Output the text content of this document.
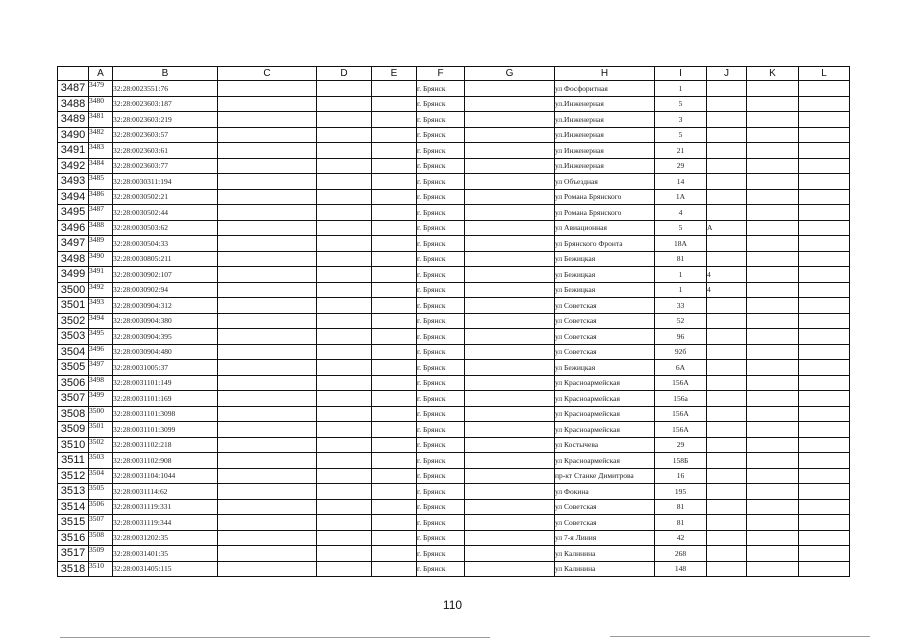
	A	B	C	D	E	F	G	H	I	J	K	L
3487	3479	32:28:0023551:76				г. Брянск		ул Фосфоритная	1			
3488	3480	32:28:0023603:187				г. Брянск		ул.Инженерная	5			
3489	3481	32:28:0023603:219				г. Брянск		ул.Инженерная	3			
3490	3482	32:28:0023603:57				г. Брянск		ул.Инженерная	5			
3491	3483	32:28:0023603:61				г. Брянск		ул Инженерная	21			
3492	3484	32:28:0023603:77				г. Брянск		ул.Инженерная	29			
3493	3485	32:28:0030311:194				г. Брянск		ул Объездная	14			
3494	3486	32:28:0030502:21				г. Брянск		ул Романа Брянского	1А			
3495	3487	32:28:0030502:44				г. Брянск		ул Романа Брянского	4			
3496	3488	32:28:0030503:62				г. Брянск		ул Авиационная	5	А		
3497	3489	32:28:0030504:33				г. Брянск		ул Брянского Фронта	18А			
3498	3490	32:28:0030805:211				г. Брянск		ул Бежицкая	81			
3499	3491	32:28:0030902:107				г. Брянск		ул Бежицкая	1	4		
3500	3492	32:28:0030902:94				г. Брянск		ул Бежицкая	1	4		
3501	3493	32:28:0030904:312				г. Брянск		ул Советская	33			
3502	3494	32:28:0030904:380				г. Брянск		ул Советская	52			
3503	3495	32:28:0030904:395				г. Брянск		ул Советская	96			
3504	3496	32:28:0030904:480				г. Брянск		ул Советская	92б			
3505	3497	32:28:0031005:37				г. Брянск		ул Бежицкая	6А			
3506	3498	32:28:0031101:149				г. Брянск		ул Красноармейская	156А			
3507	3499	32:28:0031101:169				г. Брянск		ул Красноармейская	156а			
3508	3500	32:28:0031101:3098				г. Брянск		ул Красноармейская	156А			
3509	3501	32:28:0031101:3099				г. Брянск		ул Красноармейская	156А			
3510	3502	32:28:0031102:218				г. Брянск		ул Костычева	29			
3511	3503	32:28:0031102:908				г. Брянск		ул Красноармейская	158Б			
3512	3504	32:28:0031104:1044				г. Брянск		пр-кт Станке Димитрова	16			
3513	3505	32:28:0031114:62				г. Брянск		ул Фокина	195			
3514	3506	32:28:0031119:331				г. Брянск		ул Советская	81			
3515	3507	32:28:0031119:344				г. Брянск		ул Советская	81			
3516	3508	32:28:0031202:35				г. Брянск		ул 7-я Линия	42			
3517	3509	32:28:0031401:35				г. Брянск		ул Калинина	268			
3518	3510	32:28:0031405:115				г. Брянск		ул Калинина	148			
110
